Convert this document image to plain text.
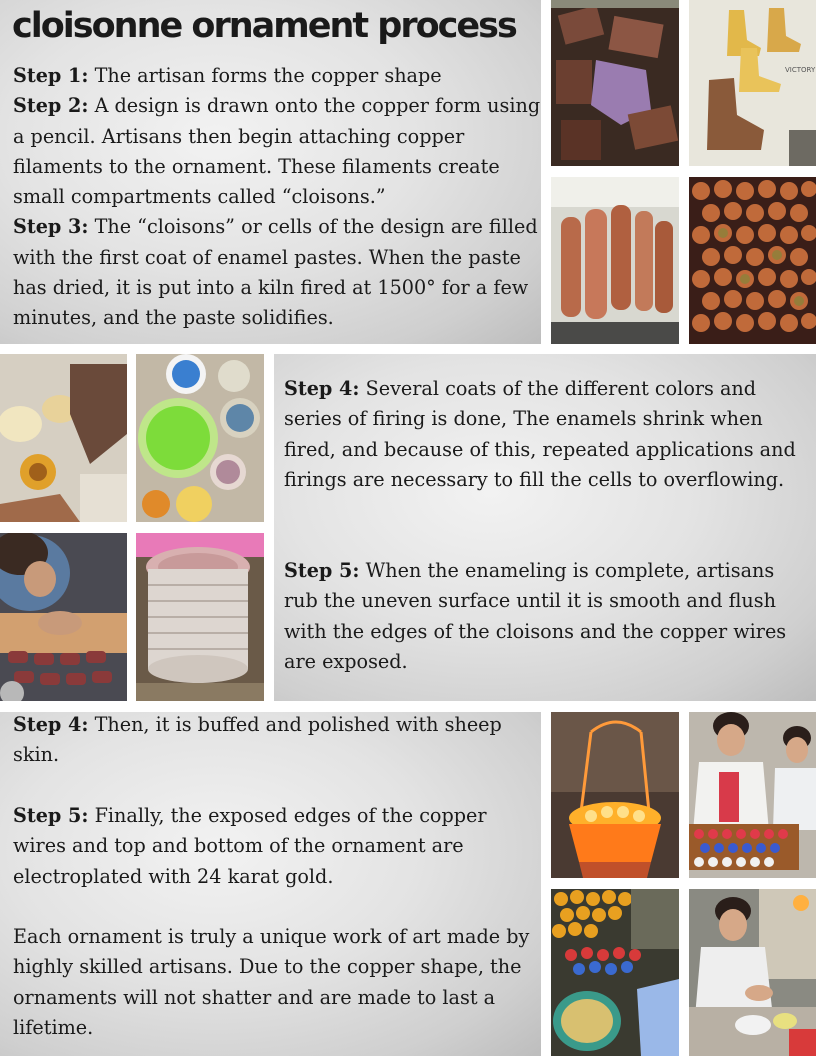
cloisonne ornament process

Step 1: The artisan forms the copper shape
Step 2: A design is drawn onto the copper form using a pencil. Artisans then begin attaching copper filaments to the ornament. These filaments create small compartments called “cloisons.”
Step 3: The “cloisons” or cells of the design are filled with the first coat of enamel pastes. When the paste has dried, it is put into a kiln fired at 1500° for a few minutes, and the paste solidifies.

VICTORY

Step 4: Several coats of the different colors and series of firing is done, The enamels shrink when fired, and because of this, repeated applications and firings are necessary to fill the cells to overflowing.

Step 5: When the enameling is complete, artisans rub the uneven surface until it is smooth and flush with the edges of the cloisons and the copper wires are exposed.

Step 4: Then, it is buffed and polished with sheep skin.

Step 5: Finally, the exposed edges of the copper wires and top and bottom of the ornament are electroplated with 24 karat gold.

Each ornament is truly a unique work of art made by highly skilled artisans. Due to the copper shape, the ornaments will not shatter and are made to last a lifetime.
